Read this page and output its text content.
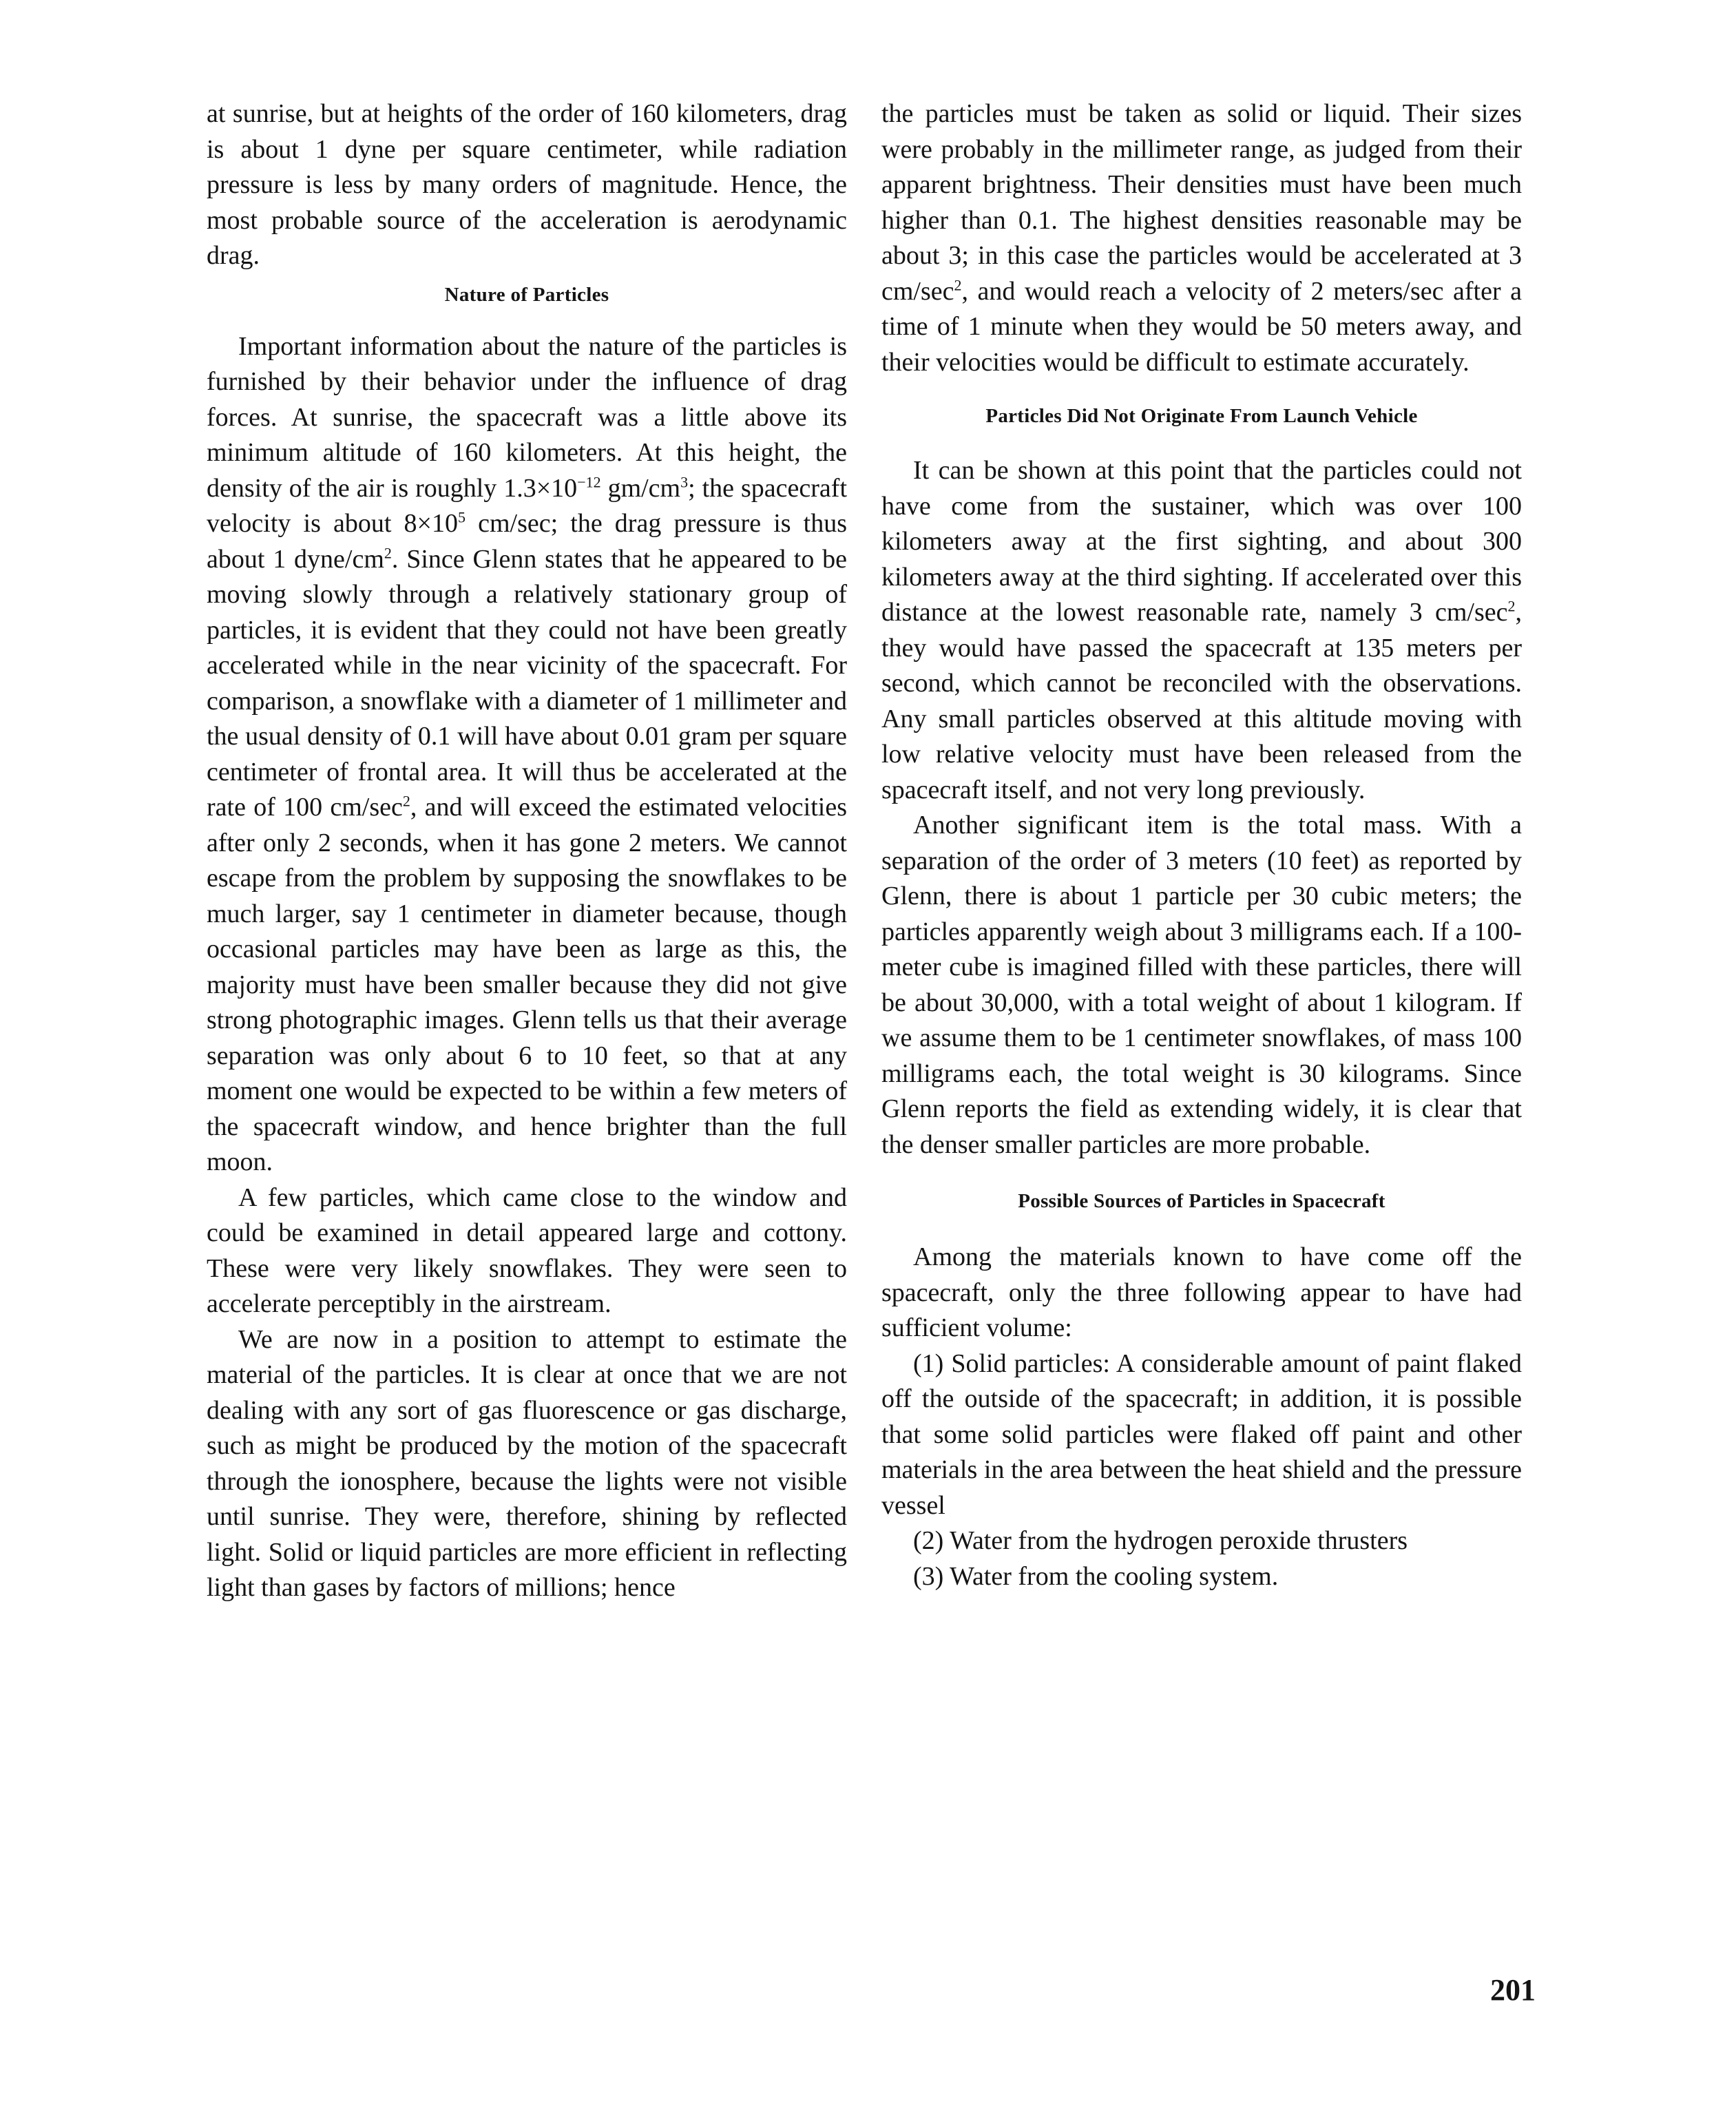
at sunrise, but at heights of the order of 160 kilometers, drag is about 1 dyne per square centimeter, while radiation pressure is less by many orders of magnitude. Hence, the most probable source of the acceleration is aerodynamic drag.

Nature of Particles

Important information about the nature of the particles is furnished by their behavior under the influence of drag forces. At sunrise, the spacecraft was a little above its minimum altitude of 160 kilometers. At this height, the density of the air is roughly $1.3\times 10^{-12}$ $gm/cm^3$; the spacecraft velocity is about $8\times 10^5$ cm/sec; the drag pressure is thus about 1 dyne/$cm^2$. Since Glenn states that he appeared to be moving slowly through a relatively stationary group of particles, it is evident that they could not have been greatly accelerated while in the near vicinity of the spacecraft. For comparison, a snowflake with a diameter of 1 millimeter and the usual density of 0.1 will have about 0.01 gram per square centimeter of frontal area. It will thus be accelerated at the rate of 100 $cm/\sec^2$, and will exceed the estimated velocities after only 2 seconds, when it has gone 2 meters. We cannot escape from the problem by supposing the snowflakes to be much larger, say 1 centimeter in diameter because, though occasional particles may have been as large as this, the majority must have been smaller because they did not give strong photographic images. Glenn tells us that their average separation was only about 6 to 10 feet, so that at any moment one would be expected to be within a few meters of the spacecraft window, and hence brighter than the full moon.

A few particles, which came close to the window and could be examined in detail appeared large and cottony. These were very likely snowflakes. They were seen to accelerate perceptibly in the airstream.

We are now in a position to attempt to estimate the material of the particles. It is clear at once that we are not dealing with any sort of gas fluorescence or gas discharge, such as might be produced by the motion of the spacecraft through the ionosphere, because the lights were not visible until sunrise. They were, therefore, shining by reflected light. Solid or liquid particles are more efficient in reflecting light than gases by factors of millions; hence

the particles must be taken as solid or liquid. Their sizes were probably in the millimeter range, as judged from their apparent brightness. Their densities must have been much higher than 0.1. The highest densities reasonable may be about 3; in this case the particles would be accelerated at 3 $cm/\sec^2$, and would reach a velocity of 2 meters/sec after a time of 1 minute when they would be 50 meters away, and their velocities would be difficult to estimate accurately.

Particles Did Not Originate From Launch Vehicle

It can be shown at this point that the particles could not have come from the sustainer, which was over 100 kilometers away at the first sighting, and about 300 kilometers away at the third sighting. If accelerated over this distance at the lowest reasonable rate, namely 3 $cm/\sec^2$, they would have passed the spacecraft at 135 meters per second, which cannot be reconciled with the observations. Any small particles observed at this altitude moving with low relative velocity must have been released from the spacecraft itself, and not very long previously.

Another significant item is the total mass. With a separation of the order of 3 meters (10 feet) as reported by Glenn, there is about 1 particle per 30 cubic meters; the particles apparently weigh about 3 milligrams each. If a 100-meter cube is imagined filled with these particles, there will be about 30,000, with a total weight of about 1 kilogram. If we assume them to be 1 centimeter snowflakes, of mass 100 milligrams each, the total weight is 30 kilograms. Since Glenn reports the field as extending widely, it is clear that the denser smaller particles are more probable.

Possible Sources of Particles in Spacecraft

Among the materials known to have come off the spacecraft, only the three following appear to have had sufficient volume:

(1) Solid particles: A considerable amount of paint flaked off the outside of the spacecraft; in addition, it is possible that some solid particles were flaked off paint and other materials in the area between the heat shield and the pressure vessel

(2) Water from the hydrogen peroxide thrusters

(3) Water from the cooling system.

201
